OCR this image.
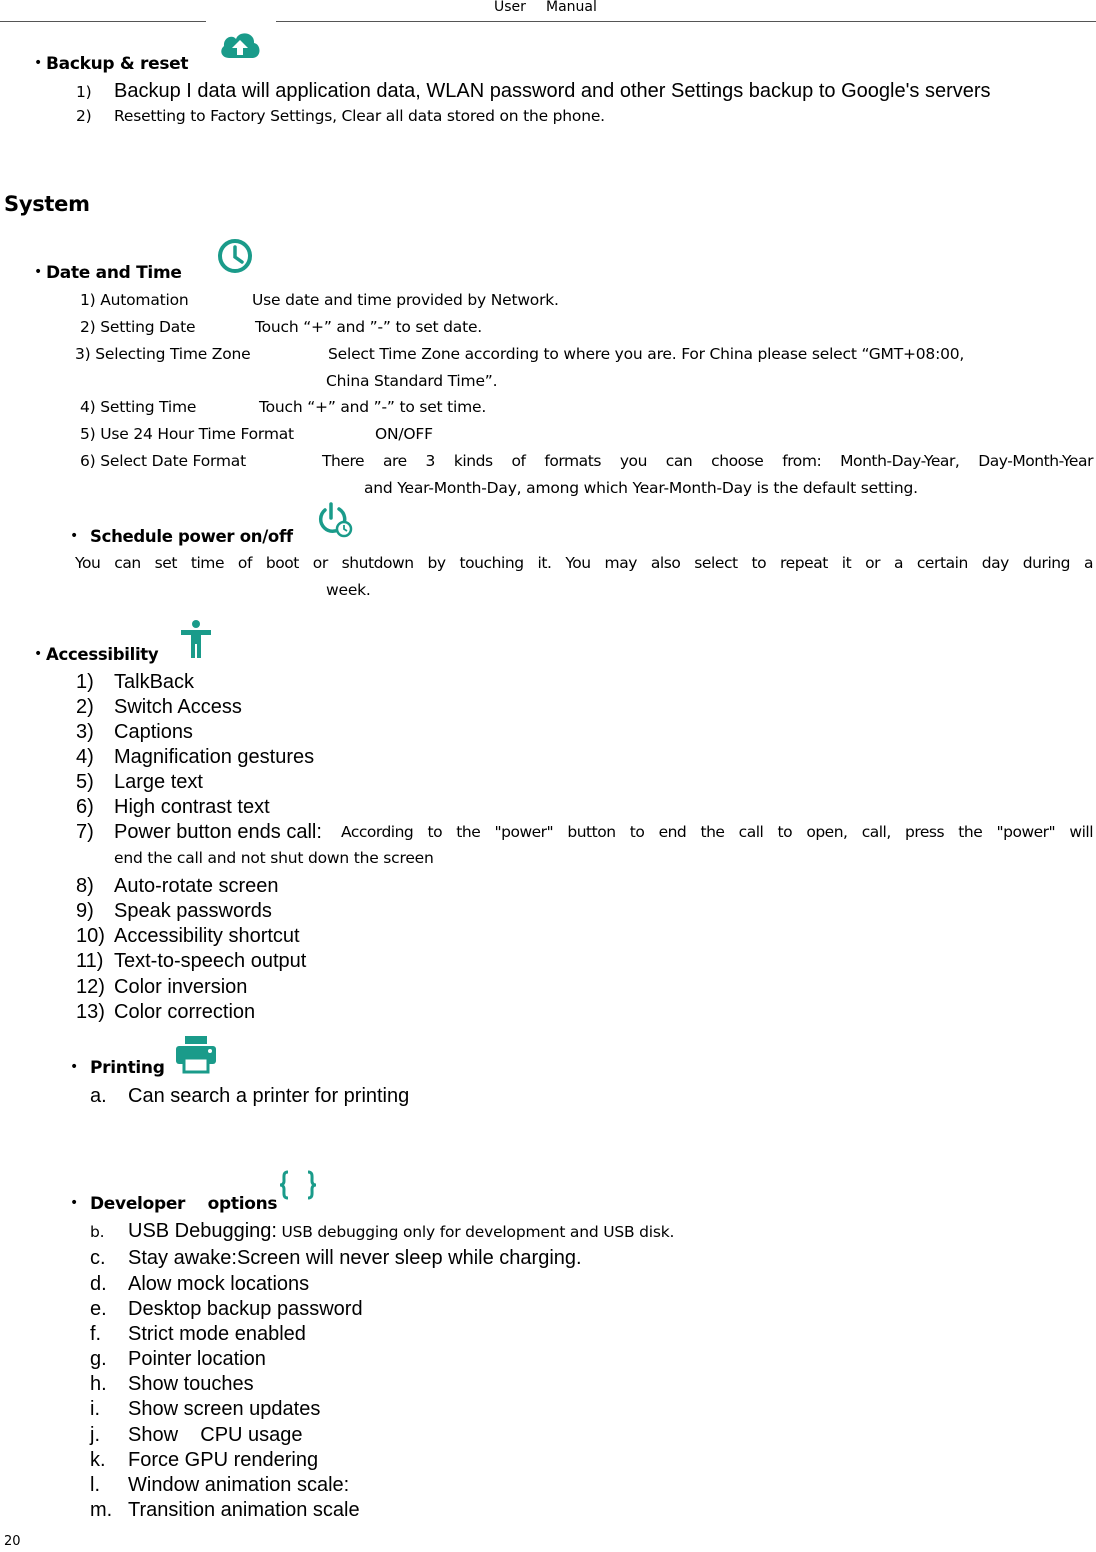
User Manual
• Backup & reset
1) Backup I data will application data, WLAN password and other Settings backup to Google's servers
2) Resetting to Factory Settings, Clear all data stored on the phone.
System
• Date and Time
1) Automation	Use date and time provided by Network.
2) Setting Date	Touch “+” and ”-” to set date.
3) Selecting Time Zone	Select Time Zone according to where you are. For China please select “GMT+08:00,
China Standard Time”.
4) Setting Time	Touch “+” and ”-” to set time.
5) Use 24 Hour Time Format	ON/OFF
6) Select Date Format	There are 3 kinds of formats you can choose from: Month-Day-Year, Day-Month-Year
and Year-Month-Day, among which Year-Month-Day is the default setting.
• Schedule power on/off
You can set time of boot or shutdown by touching it. You may also select to repeat it or a certain day during a
week.
• Accessibility
1) TalkBack
2) Switch Access
3) Captions
4) Magnification gestures
5) Large text
6) High contrast text
7) Power button ends call: According to the "power" button to end the call to open, call, press the "power" will
end the call and not shut down the screen
8) Auto-rotate screen
9) Speak passwords
10) Accessibility shortcut
11) Text-to-speech output
12) Color inversion
13) Color correction
• Printing
a. Can search a printer for printing
• Developer    options
b. USB Debugging: USB debugging only for development and USB disk.
c. Stay awake:Screen will never sleep while charging.
d. Alow mock locations
e. Desktop backup password
f. Strict mode enabled
g. Pointer location
h. Show touches
i. Show screen updates
j. Show    CPU usage
k. Force GPU rendering
l. Window animation scale:
m. Transition animation scale
20
